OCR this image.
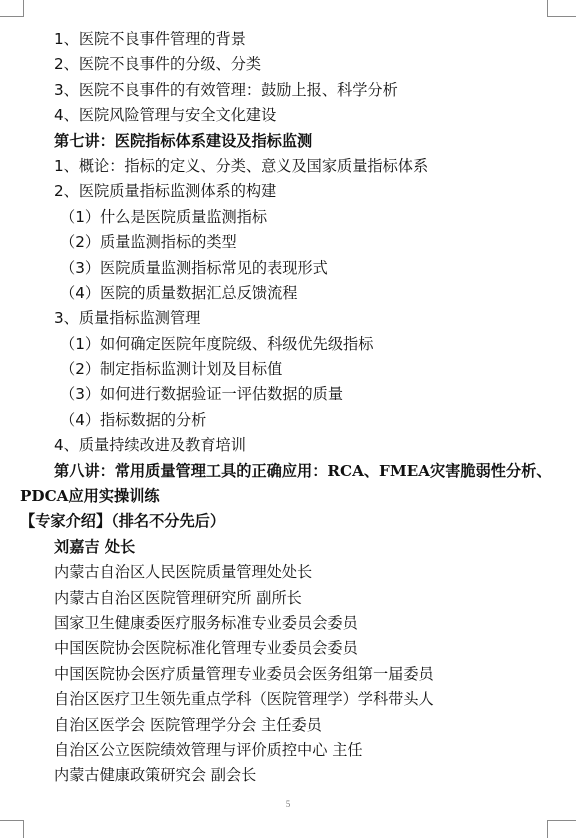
1、医院不良事件管理的背景
2、医院不良事件的分级、分类
3、医院不良事件的有效管理：鼓励上报、科学分析
4、医院风险管理与安全文化建设
第七讲：医院指标体系建设及指标监测
1、概论：指标的定义、分类、意义及国家质量指标体系
2、医院质量指标监测体系的构建
（1）什么是医院质量监测指标
（2）质量监测指标的类型
（3）医院质量监测指标常见的表现形式
（4）医院的质量数据汇总反馈流程
3、质量指标监测管理
（1）如何确定医院年度院级、科级优先级指标
（2）制定指标监测计划及目标值
（3）如何进行数据验证一评估数据的质量
（4）指标数据的分析
4、质量持续改进及教育培训
第八讲：常用质量管理工具的正确应用：RCA、FMEA灾害脆弱性分析、
PDCA应用实操训练
【专家介绍】（排名不分先后）
刘嘉吉 处长
内蒙古自治区人民医院质量管理处处长
内蒙古自治区医院管理研究所 副所长
国家卫生健康委医疗服务标准专业委员会委员
中国医院协会医院标准化管理专业委员会委员
中国医院协会医疗质量管理专业委员会医务组第一届委员
自治区医疗卫生领先重点学科（医院管理学）学科带头人
自治区医学会 医院管理学分会 主任委员
自治区公立医院绩效管理与评价质控中心 主任
内蒙古健康政策研究会 副会长
5
